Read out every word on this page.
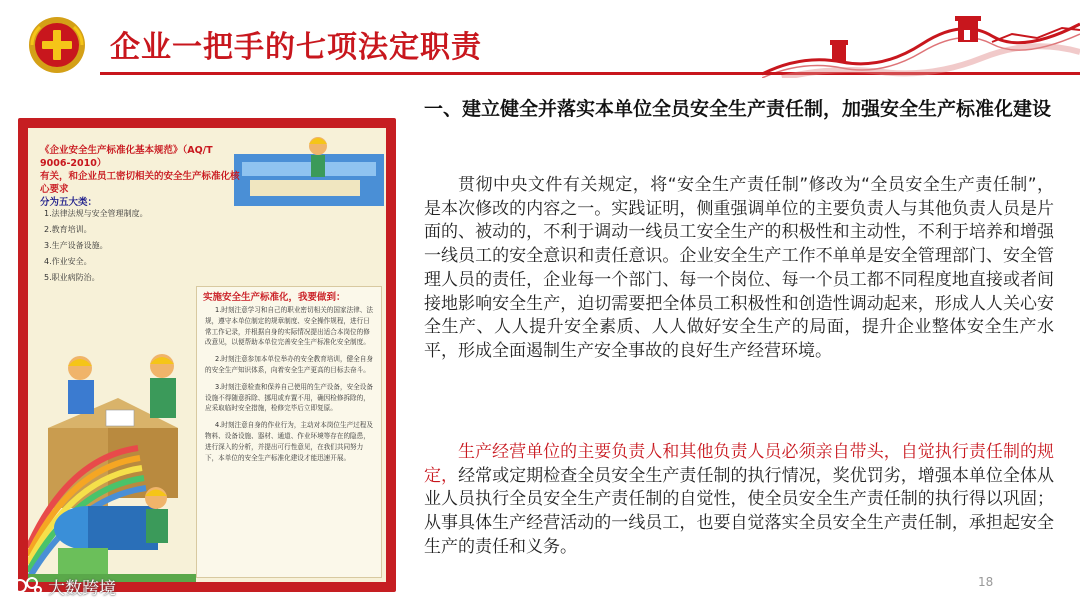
企业一把手的七项法定职责
《企业安全生产标准化基本规范》（AQ/T 9006-2010）
有关，和企业员工密切相关的安全生产标准化核心要求
分为五大类：
1.法律法规与安全管理制度。
2.教育培训。
3.生产设备设施。
4.作业安全。
5.职业病防治。
实施安全生产标准化，我要做到：

1.时刻注意学习和自己的职业密切相关的国家法律、法规，遵守本单位制定的规章制度、安全操作规程，进行日常工作记录，并根据自身的实际情况提出适合本岗位的修改意见，以便帮助本单位完善安全生产标准化安全制度。

2.时刻注意参加本单位举办的安全教育培训，健全自身的安全生产知识体系，向着安全生产更高的目标去奋斗。

3.时刻注意检查和保养自己使用的生产设备，安全设备设施不得随意拆除、挪用或弃置不用，确因检修拆除的，应采取临时安全措施，检修完毕后立即复原。

4.时刻注意自身的作业行为，主动对本岗位生产过程及物料、设备设施、器材、通道、作业环境等存在的隐患，进行深入的分析，并提出可行性意见，在我们共同努力下，本单位的安全生产标准化建设才能迅速开展。

一、建立健全并落实本单位全员安全生产责任制，加强安全生产标准化建设

贯彻中央文件有关规定，将“安全生产责任制”修改为“全员安全生产责任制”，是本次修改的内容之一。实践证明，侧重强调单位的主要负责人与其他负责人员是片面的、被动的，不利于调动一线员工安全生产的积极性和主动性，不利于培养和增强一线员工的安全意识和责任意识。企业安全生产工作不单单是安全管理部门、安全管理人员的责任，企业每一个部门、每一个岗位、每一个员工都不同程度地直接或者间接地影响安全生产，迫切需要把全体员工积极性和创造性调动起来，形成人人关心安全生产、人人提升安全素质、人人做好安全生产的局面，提升企业整体安全生产水平，形成全面遏制生产安全事故的良好生产经营环境。

生产经营单位的主要负责人和其他负责人员必须亲自带头，自觉执行责任制的规定，经常或定期检查全员安全生产责任制的执行情况，奖优罚劣，增强本单位全体从业人员执行全员安全生产责任制的自觉性，使全员安全生产责任制的执行得以巩固；从事具体生产经营活动的一线员工，也要自觉落实全员安全生产责任制，承担起安全生产的责任和义务。

18
大数跨境
